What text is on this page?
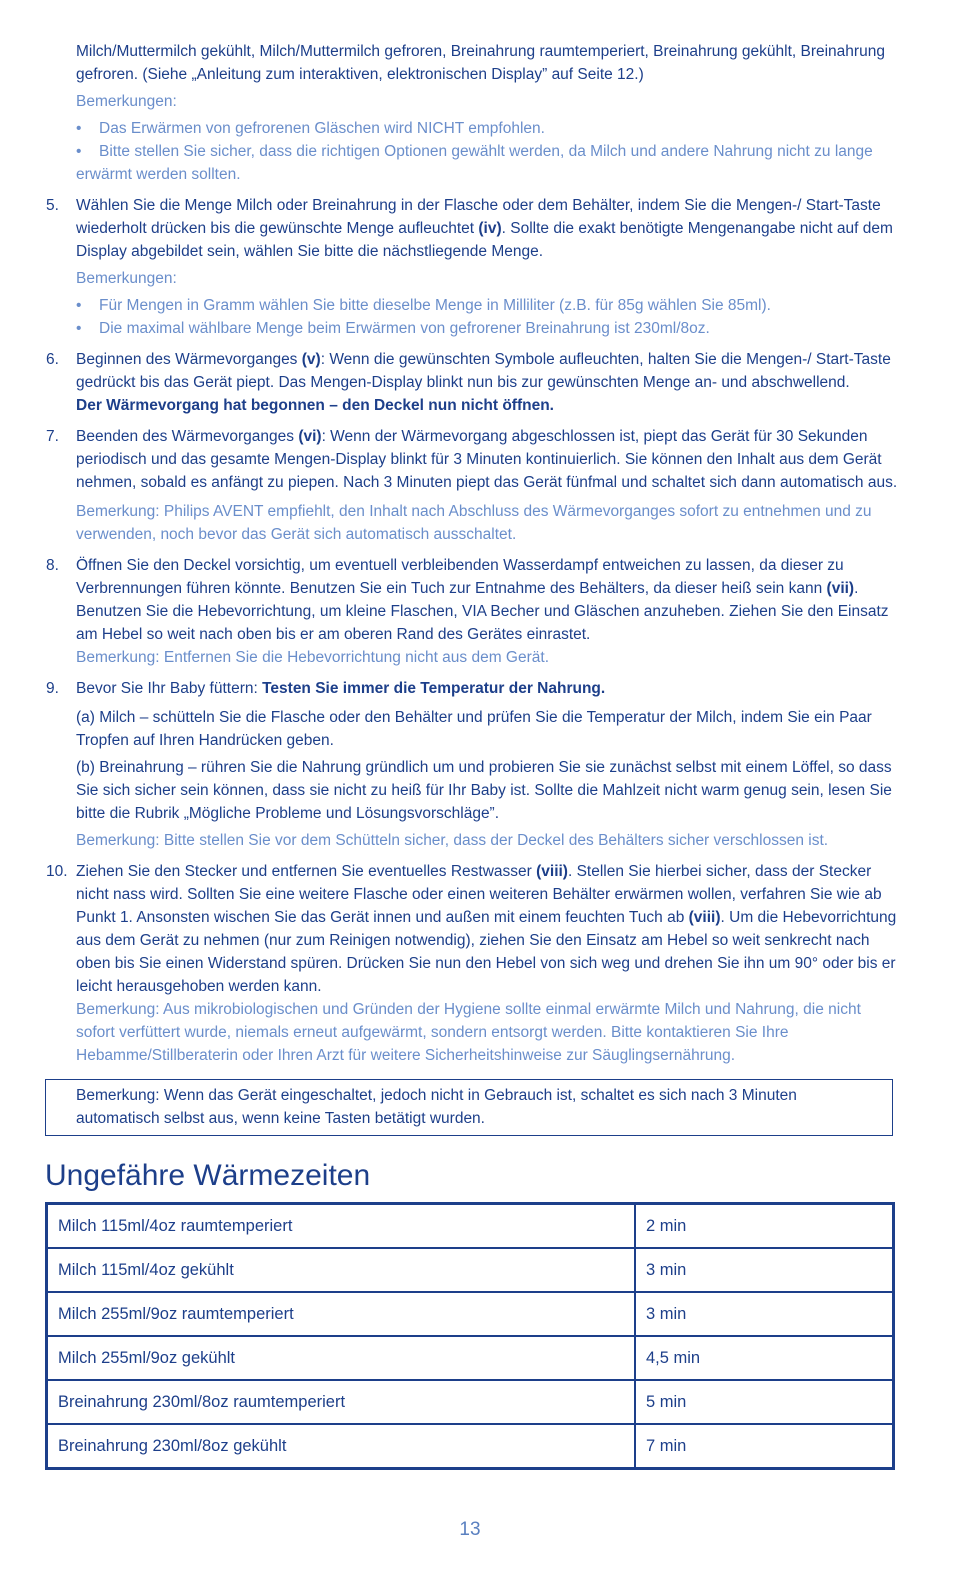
Milch/Muttermilch gekühlt, Milch/Muttermilch gefroren, Breinahrung raumtemperiert, Breinahrung gekühlt, Breinahrung gefroren. (Siehe „Anleitung zum interaktiven, elektronischen Display” auf Seite 12.)
Bemerkungen:
• Das Erwärmen von gefrorenen Gläschen wird NICHT empfohlen.
• Bitte stellen Sie sicher, dass die richtigen Optionen gewählt werden, da Milch und andere Nahrung nicht zu lange erwärmt werden sollten.
5. Wählen Sie die Menge Milch oder Breinahrung in der Flasche oder dem Behälter, indem Sie die Mengen-/ Start-Taste wiederholt drücken bis die gewünschte Menge aufleuchtet (iv). Sollte die exakt benötigte Mengenangabe nicht auf dem Display abgebildet sein, wählen Sie bitte die nächstliegende Menge.
Bemerkungen:
• Für Mengen in Gramm wählen Sie bitte dieselbe Menge in Milliliter (z.B. für 85g wählen Sie 85ml).
• Die maximal wählbare Menge beim Erwärmen von gefrorener Breinahrung ist 230ml/8oz.
6. Beginnen des Wärmevorganges (v): Wenn die gewünschten Symbole aufleuchten, halten Sie die Mengen-/ Start-Taste gedrückt bis das Gerät piept. Das Mengen-Display blinkt nun bis zur gewünschten Menge an- und abschwellend.
Der Wärmevorgang hat begonnen – den Deckel nun nicht öffnen.
7. Beenden des Wärmevorganges (vi): Wenn der Wärmevorgang abgeschlossen ist, piept das Gerät für 30 Sekunden periodisch und das gesamte Mengen-Display blinkt für 3 Minuten kontinuierlich. Sie können den Inhalt aus dem Gerät nehmen, sobald es anfängt zu piepen. Nach 3 Minuten piept das Gerät fünfmal und schaltet sich dann automatisch aus.
Bemerkung: Philips AVENT empfiehlt, den Inhalt nach Abschluss des Wärmevorganges sofort zu entnehmen und zu verwenden, noch bevor das Gerät sich automatisch ausschaltet.
8. Öffnen Sie den Deckel vorsichtig, um eventuell verbleibenden Wasserdampf entweichen zu lassen, da dieser zu Verbrennungen führen könnte. Benutzen Sie ein Tuch zur Entnahme des Behälters, da dieser heiß sein kann (vii). Benutzen Sie die Hebevorrichtung, um kleine Flaschen, VIA Becher und Gläschen anzuheben. Ziehen Sie den Einsatz am Hebel so weit nach oben bis er am oberen Rand des Gerätes einrastet.
Bemerkung: Entfernen Sie die Hebevorrichtung nicht aus dem Gerät.
9. Bevor Sie Ihr Baby füttern: Testen Sie immer die Temperatur der Nahrung.
(a) Milch – schütteln Sie die Flasche oder den Behälter und prüfen Sie die Temperatur der Milch, indem Sie ein Paar Tropfen auf Ihren Handrücken geben.
(b) Breinahrung – rühren Sie die Nahrung gründlich um und probieren Sie sie zunächst selbst mit einem Löffel, so dass Sie sich sicher sein können, dass sie nicht zu heiß für Ihr Baby ist. Sollte die Mahlzeit nicht warm genug sein, lesen Sie bitte die Rubrik „Mögliche Probleme und Lösungsvorschläge”.
Bemerkung: Bitte stellen Sie vor dem Schütteln sicher, dass der Deckel des Behälters sicher verschlossen ist.
10. Ziehen Sie den Stecker und entfernen Sie eventuelles Restwasser (viii). Stellen Sie hierbei sicher, dass der Stecker nicht nass wird. Sollten Sie eine weitere Flasche oder einen weiteren Behälter erwärmen wollen, verfahren Sie wie ab Punkt 1. Ansonsten wischen Sie das Gerät innen und außen mit einem feuchten Tuch ab (viii). Um die Hebevorrichtung aus dem Gerät zu nehmen (nur zum Reinigen notwendig), ziehen Sie den Einsatz am Hebel so weit senkrecht nach oben bis Sie einen Widerstand spüren. Drücken Sie nun den Hebel von sich weg und drehen Sie ihn um 90° oder bis er leicht herausgehoben werden kann.
Bemerkung: Aus mikrobiologischen und Gründen der Hygiene sollte einmal erwärmte Milch und Nahrung, die nicht sofort verfüttert wurde, niemals erneut aufgewärmt, sondern entsorgt werden. Bitte kontaktieren Sie Ihre Hebamme/Stillberaterin oder Ihren Arzt für weitere Sicherheitshinweise zur Säuglingsernährung.
Bemerkung: Wenn das Gerät eingeschaltet, jedoch nicht in Gebrauch ist, schaltet es sich nach 3 Minuten automatisch selbst aus, wenn keine Tasten betätigt wurden.
Ungefähre Wärmezeiten
Milch 115ml/4oz raumtemperiert	2 min
Milch 115ml/4oz gekühlt	3 min
Milch 255ml/9oz raumtemperiert	3 min
Milch 255ml/9oz gekühlt	4,5 min
Breinahrung 230ml/8oz raumtemperiert	5 min
Breinahrung 230ml/8oz gekühlt	7 min
13
